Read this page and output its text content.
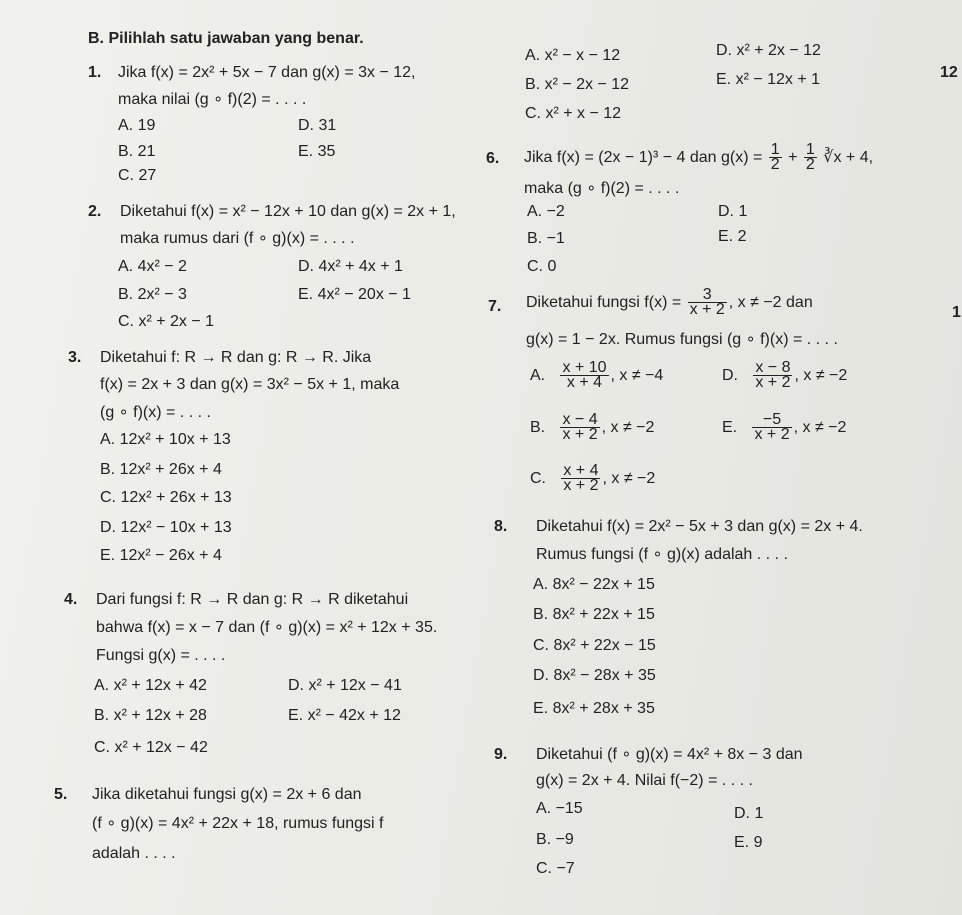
B. Pilihlah satu jawaban yang benar.
1. Jika f(x) = 2x² + 5x − 7 dan g(x) = 3x − 12,
maka nilai (g ∘ f)(2) = . . . .
A. 19
B. 21
C. 27
D. 31
E. 35
2. Diketahui f(x) = x² − 12x + 10 dan g(x) = 2x + 1,
maka rumus dari (f ∘ g)(x) = . . . .
A. 4x² − 2
B. 2x² − 3
C. x² + 2x − 1
D. 4x² + 4x + 1
E. 4x² − 20x − 1
3. Diketahui f: R → R dan g: R → R. Jika
f(x) = 2x + 3 dan g(x) = 3x² − 5x + 1, maka
(g ∘ f)(x) = . . . .
A. 12x² + 10x + 13
B. 12x² + 26x + 4
C. 12x² + 26x + 13
D. 12x² − 10x + 13
E. 12x² − 26x + 4
4. Dari fungsi f: R → R dan g: R → R diketahui
bahwa f(x) = x − 7 dan (f ∘ g)(x) = x² + 12x + 35.
Fungsi g(x) = . . . .
A. x² + 12x + 42
B. x² + 12x + 28
C. x² + 12x − 42
D. x² + 12x − 41
E. x² − 42x + 12
5. Jika diketahui fungsi g(x) = 2x + 6 dan
(f ∘ g)(x) = 4x² + 22x + 18, rumus fungsi f
adalah . . . .
A. x² − x − 12
B. x² − 2x − 12
C. x² + x − 12
D. x² + 2x − 12
E. x² − 12x + 1
6. Jika f(x) = (2x − 1)³ − 4 dan $g(x) = \frac{1}{2} + \frac{1}{2}$ ∛x + 4,
maka (g ∘ f)(2) = . . . .
A. −2
B. −1
C. 0
D. 1
E. 2
7. Diketahui fungsi $f(x) = \frac{3}{x + 2}$ , x ≠ −2 dan
g(x) = 1 − 2x. Rumus fungsi (g ∘ f)(x) = . . . .
A. $\frac{x + 10}{x + 4}$ , x ≠ −4
B. $\frac{x - 4}{x + 2}$ , x ≠ −2
C. $\frac{x + 4}{x + 2}$ , x ≠ −2
D. $\frac{x - 8}{x + 2}$ , x ≠ −2
E. $\frac{-5}{x + 2}$ , x ≠ −2
8. Diketahui f(x) = 2x² − 5x + 3 dan g(x) = 2x + 4.
Rumus fungsi (f ∘ g)(x) adalah . . . .
A. 8x² − 22x + 15
B. 8x² + 22x + 15
C. 8x² + 22x − 15
D. 8x² − 28x + 35
E. 8x² + 28x + 35
9. Diketahui (f ∘ g)(x) = 4x² + 8x − 3 dan
g(x) = 2x + 4. Nilai f(−2) = . . . .
A. −15
B. −9
C. −7
D. 1
E. 9
12
1
